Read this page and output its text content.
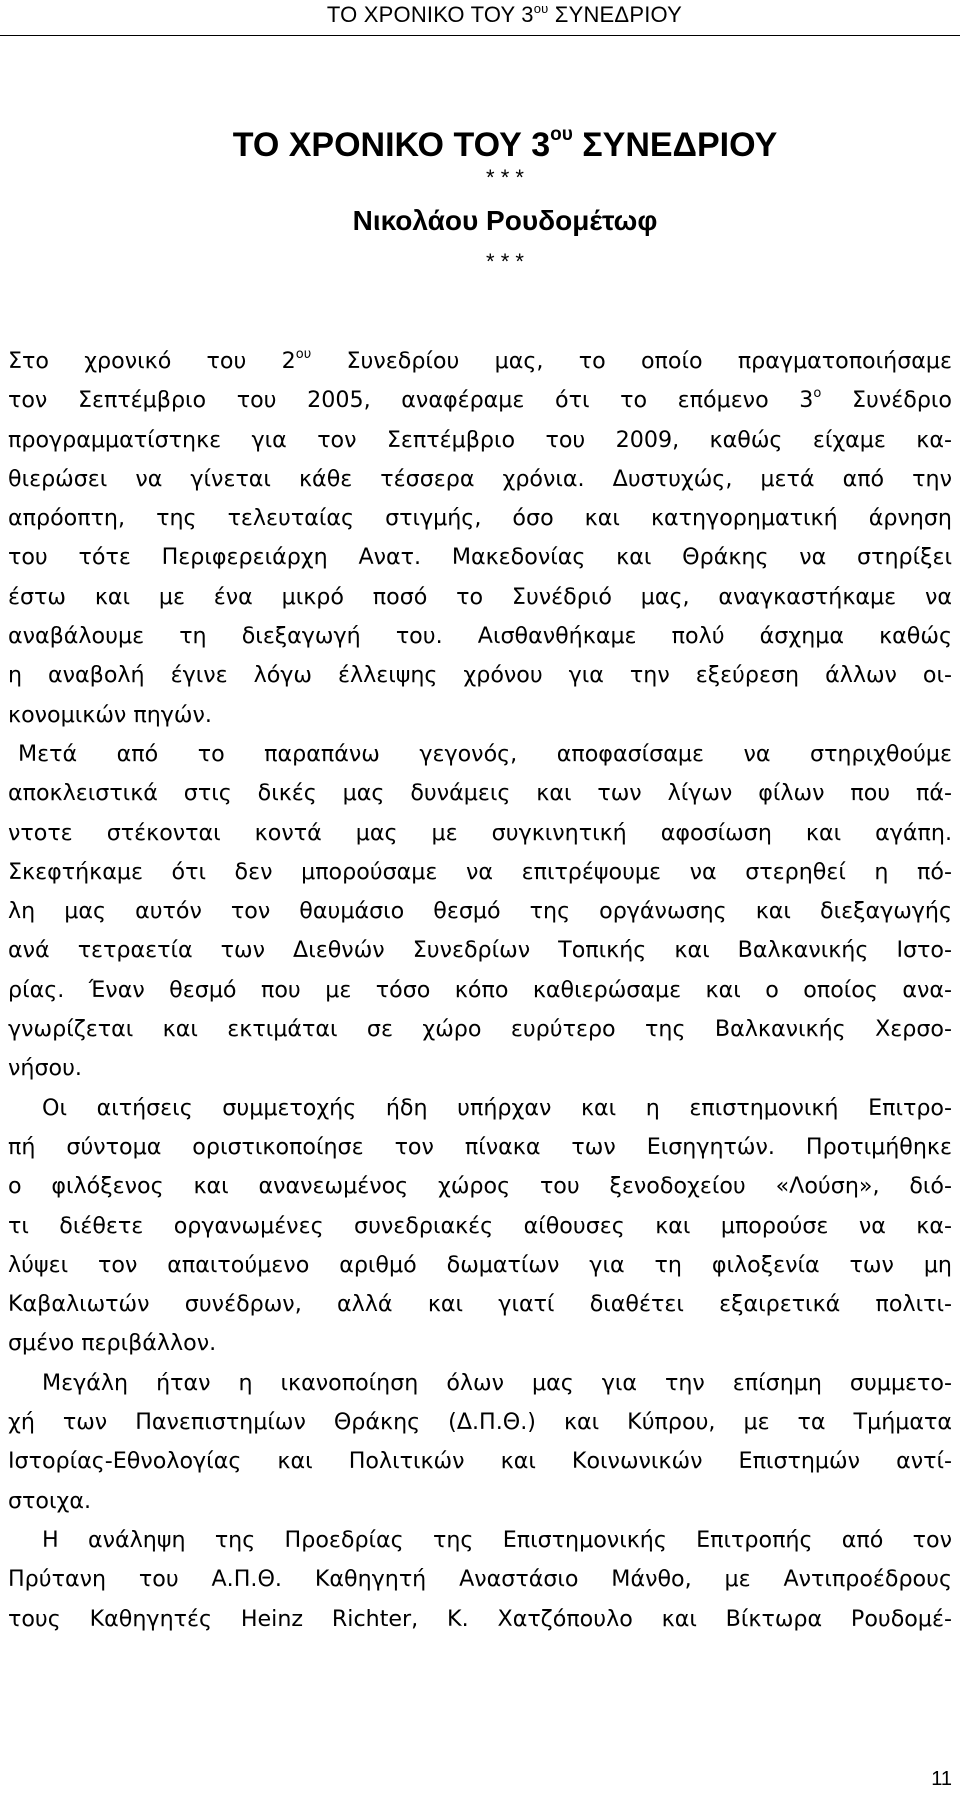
ΤΟ ΧΡΟΝΙΚΟ ΤΟΥ $3^{o\upsilon}$ ΣΥΝΕΔΡΙΟΥ
ΤΟ ΧΡΟΝΙΚΟ ΤΟΥ $3^{o\upsilon}$ ΣΥΝΕΔΡΙΟΥ
* * *
Νικολάου Ρουδομέτωφ
* * *

Στο χρονικό του $2^{o\upsilon}$ Συνεδρίου μας, το οποίο πραγματοποιήσαμε
τον Σεπτέμβριο του 2005, αναφέραμε ότι το επόμενο $3^o$ Συνέδριο
προγραμματίστηκε για τον Σεπτέμβριο του 2009, καθώς είχαμε κα-
θιερώσει να γίνεται κάθε τέσσερα χρόνια. Δυστυχώς, μετά από την
απρόοπτη, της τελευταίας στιγμής, όσο και κατηγορηματική άρνηση
του τότε Περιφερειάρχη Ανατ. Μακεδονίας και Θράκης να στηρίξει
έστω και με ένα μικρό ποσό το Συνέδριό μας, αναγκαστήκαμε να
αναβάλουμε τη διεξαγωγή του. Αισθανθήκαμε πολύ άσχημα καθώς
η αναβολή έγινε λόγω έλλειψης χρόνου για την εξεύρεση άλλων οι-
κονομικών πηγών.

Μετά από το παραπάνω γεγονός, αποφασίσαμε να στηριχθούμε
αποκλειστικά στις δικές μας δυνάμεις και των λίγων φίλων που πά-
ντοτε στέκονται κοντά μας με συγκινητική αφοσίωση και αγάπη.
Σκεφτήκαμε ότι δεν μπορούσαμε να επιτρέψουμε να στερηθεί η πό-
λη μας αυτόν τον θαυμάσιο θεσμό της οργάνωσης και διεξαγωγής
ανά τετραετία των Διεθνών Συνεδρίων Τοπικής και Βαλκανικής Ιστο-
ρίας. Έναν θεσμό που με τόσο κόπο καθιερώσαμε και ο οποίος ανα-
γνωρίζεται και εκτιμάται σε χώρο ευρύτερο της Βαλκανικής Χερσο-
νήσου.

Οι αιτήσεις συμμετοχής ήδη υπήρχαν και η επιστημονική Επιτρο-
πή σύντομα οριστικοποίησε τον πίνακα των Εισηγητών. Προτιμήθηκε
ο φιλόξενος και ανανεωμένος χώρος του ξενοδοχείου «Λούση», διό-
τι διέθετε οργανωμένες συνεδριακές αίθουσες και μπορούσε να κα-
λύψει τον απαιτούμενο αριθμό δωματίων για τη φιλοξενία των μη
Καβαλιωτών συνέδρων, αλλά και γιατί διαθέτει εξαιρετικά πολιτι-
σμένο περιβάλλον.

Μεγάλη ήταν η ικανοποίηση όλων μας για την επίσημη συμμετο-
χή των Πανεπιστημίων Θράκης (Δ.Π.Θ.) και Κύπρου, με τα Τμήματα
Ιστορίας-Εθνολογίας και Πολιτικών και Κοινωνικών Επιστημών αντί-
στοιχα.

Η ανάληψη της Προεδρίας της Επιστημονικής Επιτροπής από τον
Πρύτανη του Α.Π.Θ. Καθηγητή Αναστάσιο Μάνθο, με Αντιπροέδρους
τους Καθηγητές Heinz Richter, Κ. Χατζόπουλο και Βίκτωρα Ρουδομέ-

11
